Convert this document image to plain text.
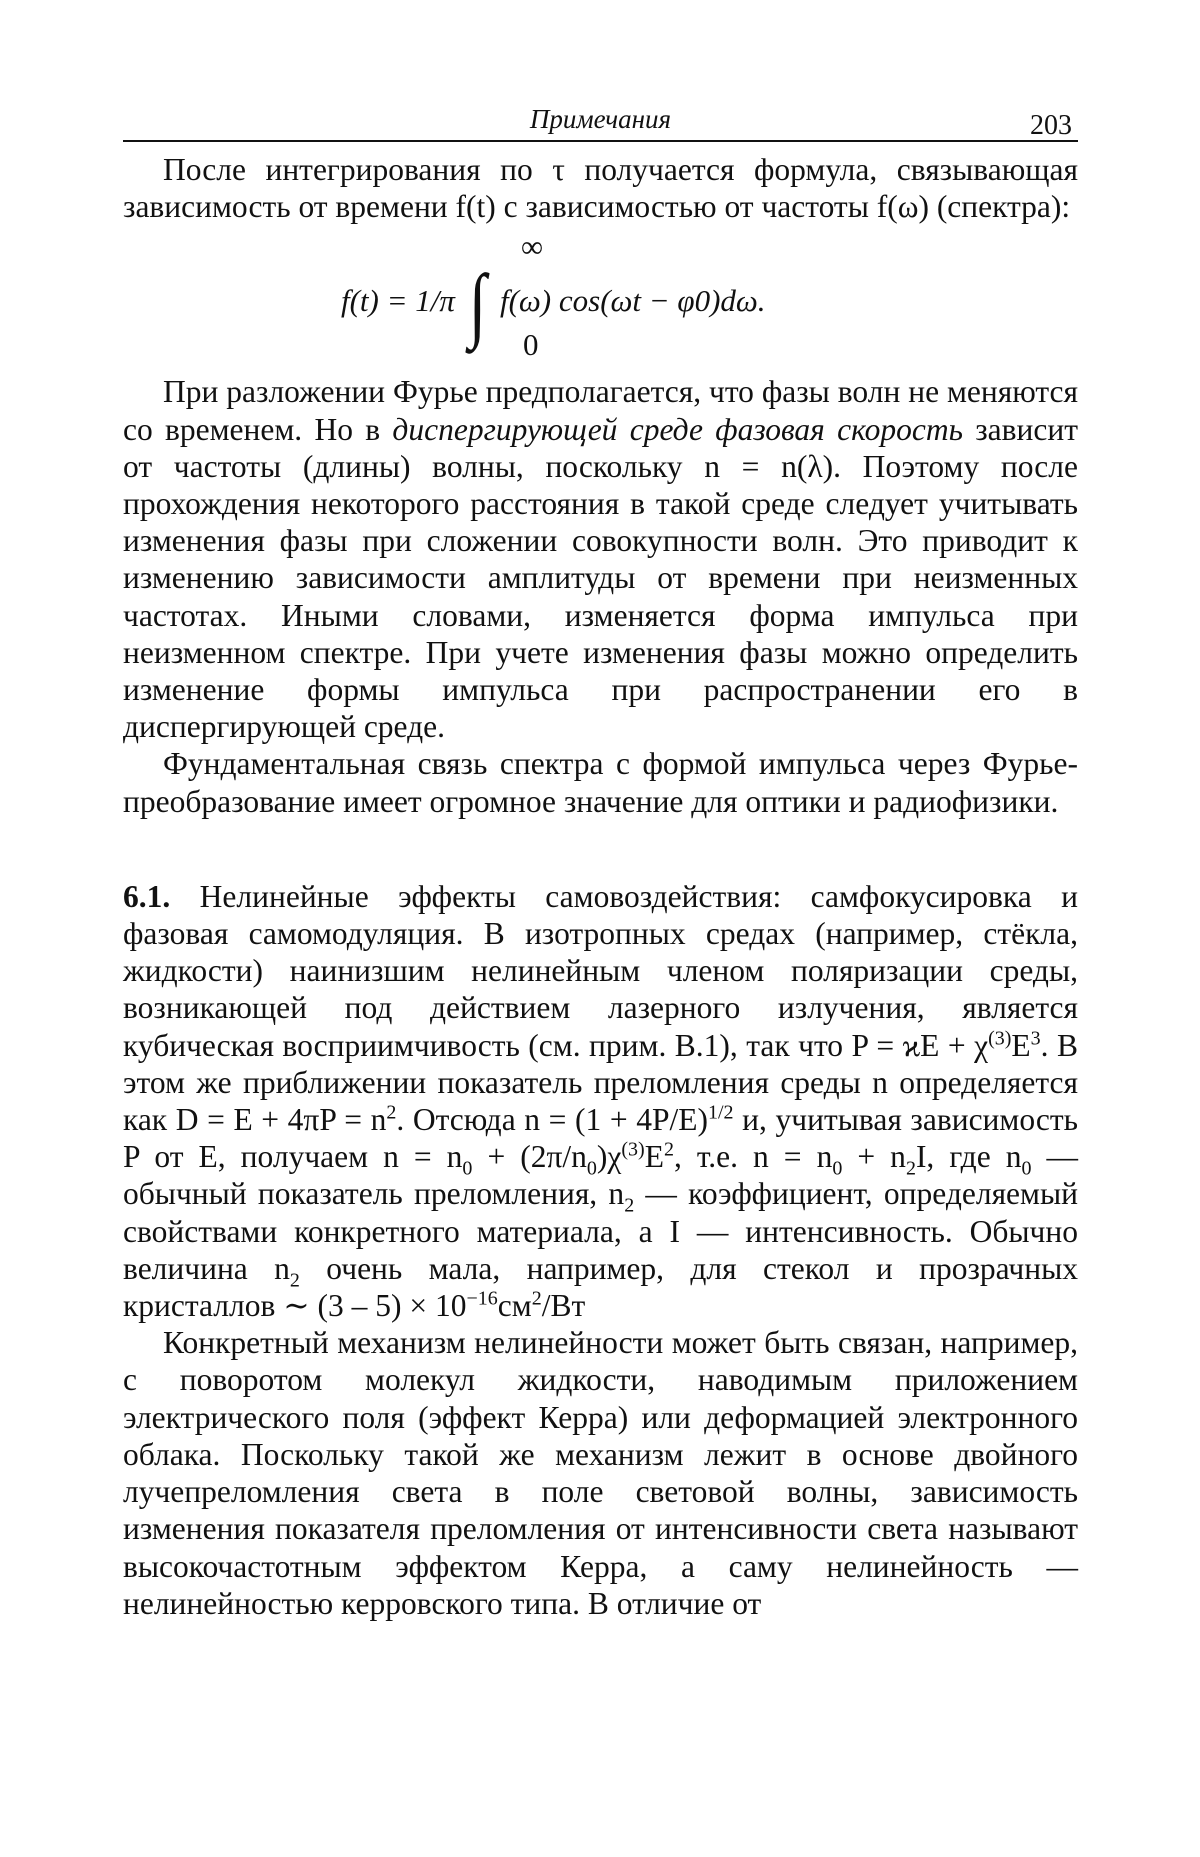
Примечания	203

После интегрирования по τ получается формула, связывающая зависимость от времени f(t) с зависимостью от частоты f(ω) (спектра):

∞
f(t) = 1/π ∫ f(ω) cos(ωt − φ0)dω.
0

При разложении Фурье предполагается, что фазы волн не меняются со временем. Но в диспергирующей среде фазовая скорость зависит от частоты (длины) волны, поскольку n = n(λ). Поэтому после прохождения некоторого расстояния в такой среде следует учитывать изменения фазы при сложении совокупности волн. Это приводит к изменению зависимости амплитуды от времени при неизменных частотах. Иными словами, изменяется форма импульса при неизменном спектре. При учете изменения фазы можно определить изменение формы импульса при распространении его в диспергирующей среде.

Фундаментальная связь спектра с формой импульса через Фурье-преобразование имеет огромное значение для оптики и радиофизики.

6.1. Нелинейные эффекты самовоздействия: самфокусировка и фазовая самомодуляция. В изотропных средах (например, стёкла, жидкости) наинизшим нелинейным членом поляризации среды, возникающей под действием лазерного излучения, является кубическая восприимчивость (см. прим. В.1), так что $P = ϰE + \chi^{(3)}E^3$. В этом же приближении показатель преломления среды n определяется как $D = E + 4\pi P = n^2$. Отсюда $n = (1 + 4P/E)^{1/2}$ и, учитывая зависимость P от E, получаем $n = n_0 + (2\pi/n_0)\chi^{(3)}E^2$, т.е. $n = n_0 + n_2I$, где $n_0$ — обычный показатель преломления, $n_2$ — коэффициент, определяемый свойствами конкретного материала, а I — интенсивность. Обычно величина $n_2$ очень мала, например, для стекол и прозрачных кристаллов ∼ $(3 - 5) \times 10^{-16}см^2/Вт$

Конкретный механизм нелинейности может быть связан, например, с поворотом молекул жидкости, наводимым приложением электрического поля (эффект Керра) или деформацией электронного облака. Поскольку такой же механизм лежит в основе двойного лучепреломления света в поле световой волны, зависимость изменения показателя преломления от интенсивности света называют высокочастотным эффектом Керра, а саму нелинейность — нелинейностью керровского типа. В отличие от
